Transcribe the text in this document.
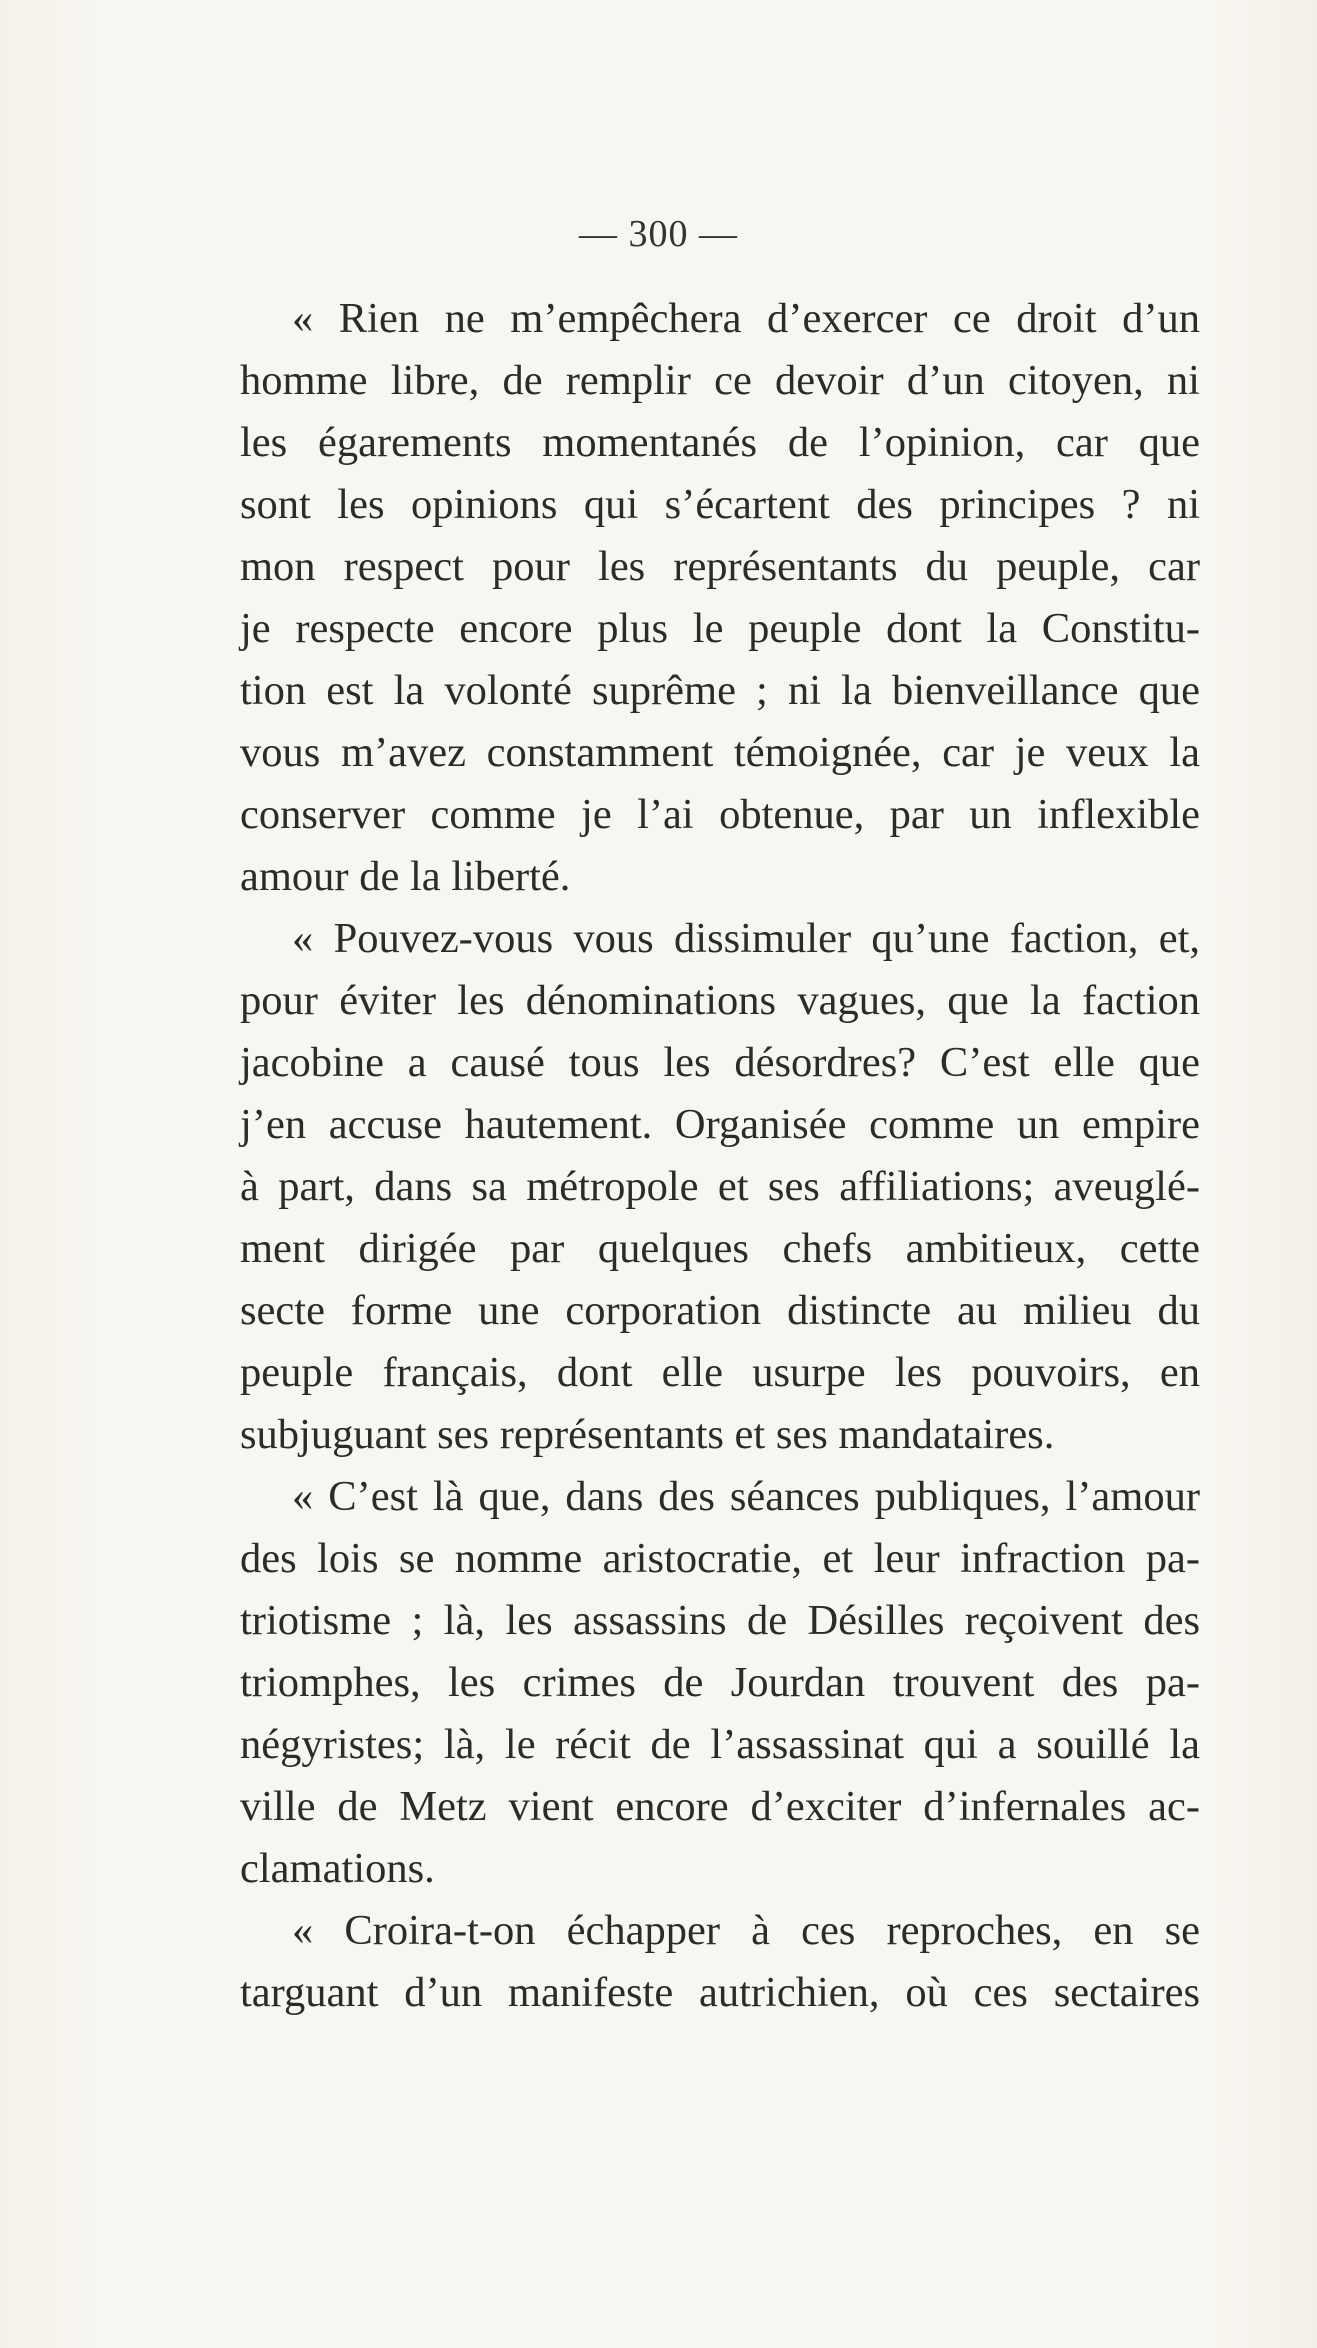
— 300 —
« Rien ne m’empêchera d’exercer ce droit d’un
homme libre, de remplir ce devoir d’un citoyen, ni
les égarements momentanés de l’opinion, car que
sont les opinions qui s’écartent des principes ? ni
mon respect pour les représentants du peuple, car
je respecte encore plus le peuple dont la Constitu-
tion est la volonté suprême ; ni la bienveillance que
vous m’avez constamment témoignée, car je veux la
conserver comme je l’ai obtenue, par un inflexible
amour de la liberté.
« Pouvez-vous vous dissimuler qu’une faction, et,
pour éviter les dénominations vagues, que la faction
jacobine a causé tous les désordres? C’est elle que
j’en accuse hautement. Organisée comme un empire
à part, dans sa métropole et ses affiliations; aveuglé-
ment dirigée par quelques chefs ambitieux, cette
secte forme une corporation distincte au milieu du
peuple français, dont elle usurpe les pouvoirs, en
subjuguant ses représentants et ses mandataires.
« C’est là que, dans des séances publiques, l’amour
des lois se nomme aristocratie, et leur infraction pa-
triotisme ; là, les assassins de Désilles reçoivent des
triomphes, les crimes de Jourdan trouvent des pa-
négyristes; là, le récit de l’assassinat qui a souillé la
ville de Metz vient encore d’exciter d’infernales ac-
clamations.
« Croira-t-on échapper à ces reproches, en se
targuant d’un manifeste autrichien, où ces sectaires
